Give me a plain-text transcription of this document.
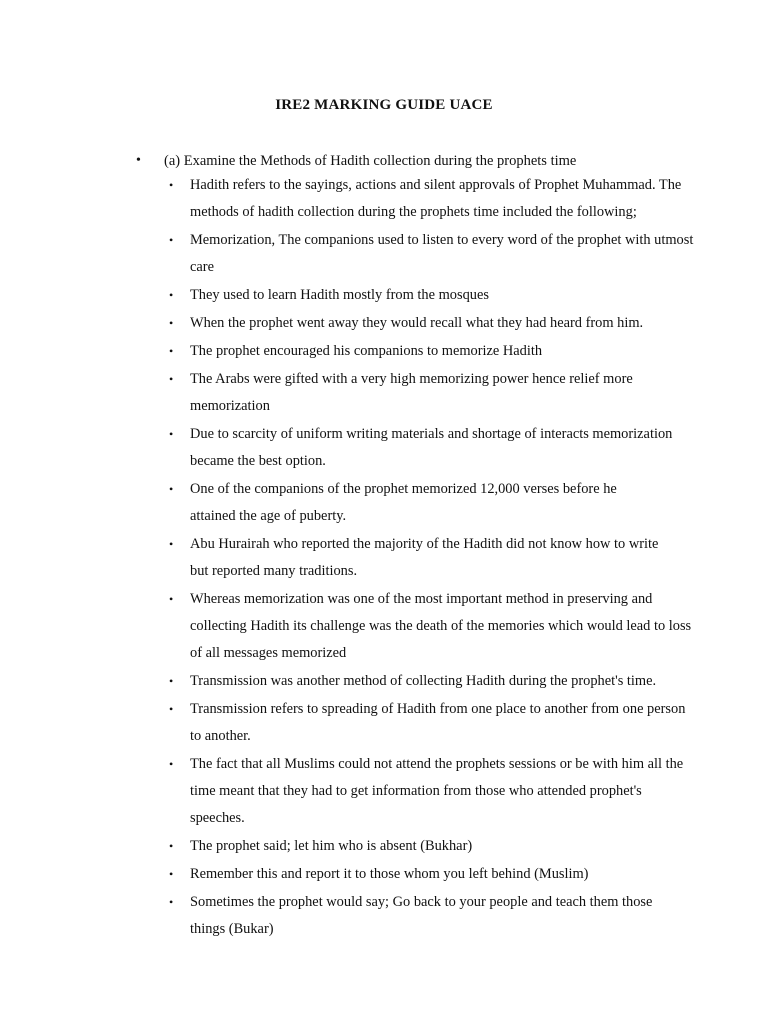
IRE2 MARKING GUIDE UACE
• (a) Examine the Methods of Hadith collection during the prophets time
• Hadith refers to the sayings, actions and silent approvals of Prophet Muhammad. The
methods of hadith collection during the prophets time included the following;
• Memorization, The companions used to listen to every word of the prophet with utmost
care
• They used to learn Hadith mostly from the mosques
• When the prophet went away they would recall what they had heard from him.
• The prophet encouraged his companions to memorize Hadith
• The Arabs were gifted with a very high memorizing power hence relief more
memorization
• Due to scarcity of uniform writing materials and shortage of interacts memorization
became the best option.
• One of the companions of the prophet memorized 12,000 verses before he
attained the age of puberty.
• Abu Hurairah who reported the majority of the Hadith did not know how to write
but reported many traditions.
• Whereas memorization was one of the most important method in preserving and
collecting Hadith its challenge was the death of the memories which would lead to loss
of all messages memorized
• Transmission was another method of collecting Hadith during the prophet's time.
• Transmission refers to spreading of Hadith from one place to another from one person
to another.
• The fact that all Muslims could not attend the prophets sessions or be with him all the
time meant that they had to get information from those who attended prophet's
speeches.
• The prophet said; let him who is absent (Bukhar)
• Remember this and report it to those whom you left behind (Muslim)
• Sometimes the prophet would say; Go back to your people and teach them those
things (Bukar)
